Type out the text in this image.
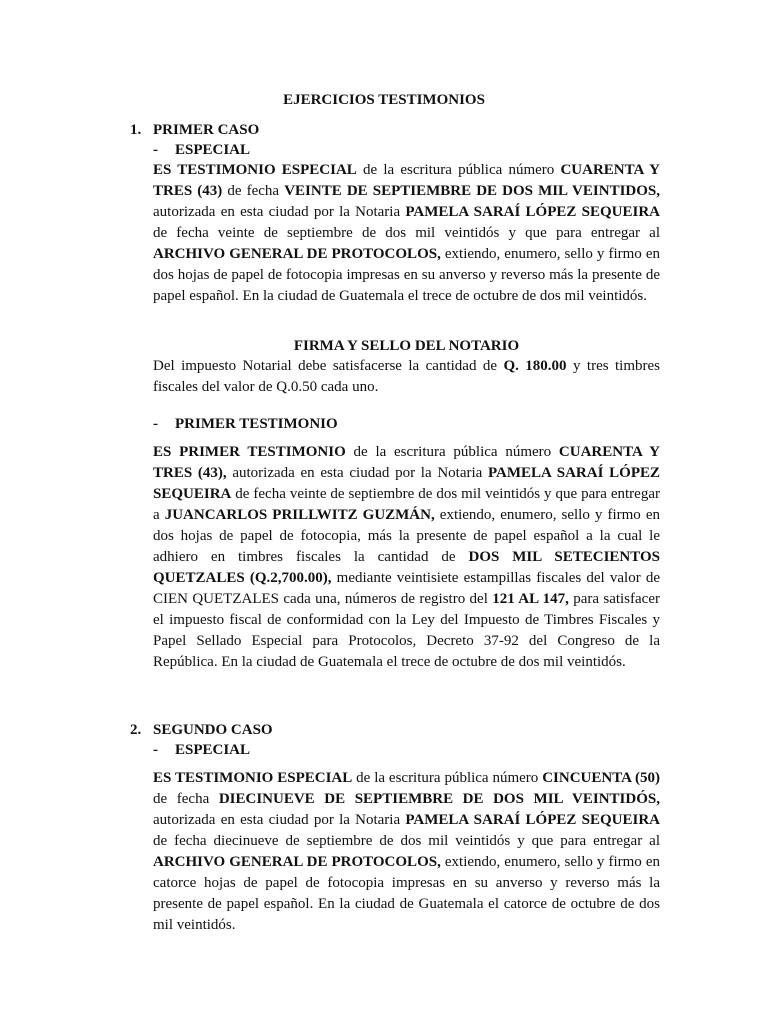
EJERCICIOS TESTIMONIOS
1. PRIMER CASO
- ESPECIAL

ES TESTIMONIO ESPECIAL de la escritura pública número CUARENTA Y TRES (43) de fecha VEINTE DE SEPTIEMBRE DE DOS MIL VEINTIDOS, autorizada en esta ciudad por la Notaria PAMELA SARAÍ LÓPEZ SEQUEIRA de fecha veinte de septiembre de dos mil veintidós y que para entregar al ARCHIVO GENERAL DE PROTOCOLOS, extiendo, enumero, sello y firmo en dos hojas de papel de fotocopia impresas en su anverso y reverso más la presente de papel español. En la ciudad de Guatemala el trece de octubre de dos mil veintidós.

FIRMA Y SELLO DEL NOTARIO

Del impuesto Notarial debe satisfacerse la cantidad de Q. 180.00 y tres timbres fiscales del valor de Q.0.50 cada uno.

- PRIMER TESTIMONIO

ES PRIMER TESTIMONIO de la escritura pública número CUARENTA Y TRES (43), autorizada en esta ciudad por la Notaria PAMELA SARAÍ LÓPEZ SEQUEIRA de fecha veinte de septiembre de dos mil veintidós y que para entregar a JUANCARLOS PRILLWITZ GUZMÁN, extiendo, enumero, sello y firmo en dos hojas de papel de fotocopia, más la presente de papel español a la cual le adhiero en timbres fiscales la cantidad de DOS MIL SETECIENTOS QUETZALES (Q.2,700.00), mediante veintisiete estampillas fiscales del valor de CIEN QUETZALES cada una, números de registro del 121 AL 147, para satisfacer el impuesto fiscal de conformidad con la Ley del Impuesto de Timbres Fiscales y Papel Sellado Especial para Protocolos, Decreto 37-92 del Congreso de la República. En la ciudad de Guatemala el trece de octubre de dos mil veintidós.

2. SEGUNDO CASO
- ESPECIAL

ES TESTIMONIO ESPECIAL de la escritura pública número CINCUENTA (50) de fecha DIECINUEVE DE SEPTIEMBRE DE DOS MIL VEINTIDÓS, autorizada en esta ciudad por la Notaria PAMELA SARAÍ LÓPEZ SEQUEIRA de fecha diecinueve de septiembre de dos mil veintidós y que para entregar al ARCHIVO GENERAL DE PROTOCOLOS, extiendo, enumero, sello y firmo en catorce hojas de papel de fotocopia impresas en su anverso y reverso más la presente de papel español. En la ciudad de Guatemala el catorce de octubre de dos mil veintidós.
